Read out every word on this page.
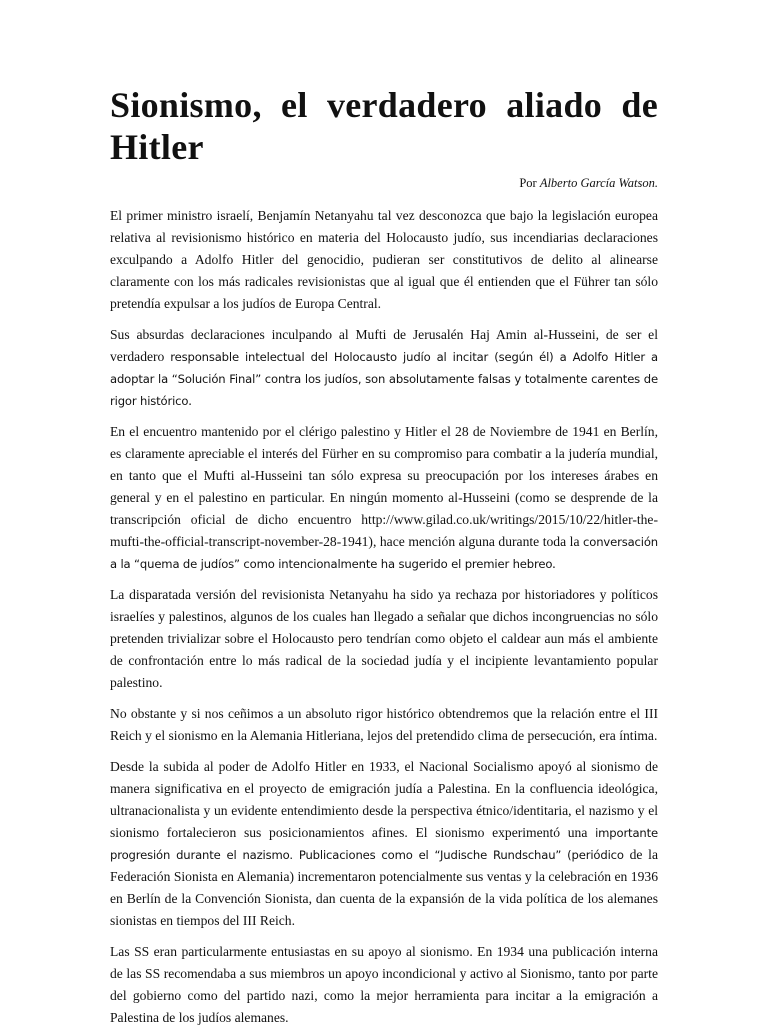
Sionismo, el verdadero aliado de Hitler
Por Alberto García Watson.

El primer ministro israelí, Benjamín Netanyahu tal vez desconozca que bajo la legislación europea relativa al revisionismo histórico en materia del Holocausto judío, sus incendiarias declaraciones exculpando a Adolfo Hitler del genocidio, pudieran ser constitutivos de delito al alinearse claramente con los más radicales revisionistas que al igual que él entienden que el Führer tan sólo pretendía expulsar a los judíos de Europa Central.

Sus absurdas declaraciones inculpando al Mufti de Jerusalén Haj Amin al-Husseini, de ser el verdadero responsable intelectual del Holocausto judío al incitar (según él) a Adolfo Hitler a adoptar la “Solución Final” contra los judíos, son absolutamente falsas y totalmente carentes de rigor histórico.

En el encuentro mantenido por el clérigo palestino y Hitler el 28 de Noviembre de 1941 en Berlín, es claramente apreciable el interés del Fürher en su compromiso para combatir a la judería mundial, en tanto que el Mufti al-Husseini tan sólo expresa su preocupación por los intereses árabes en general y en el palestino en particular. En ningún momento al-Husseini (como se desprende de la transcripción oficial de dicho encuentro http://www.gilad.co.uk/writings/2015/10/22/hitler-the-mufti-the-official-transcript-november-28-1941), hace mención alguna durante toda la conversación a la “quema de judíos” como intencionalmente ha sugerido el premier hebreo.

La disparatada versión del revisionista Netanyahu ha sido ya rechaza por historiadores y políticos israelíes y palestinos, algunos de los cuales han llegado a señalar que dichos incongruencias no sólo pretenden trivializar sobre el Holocausto pero tendrían como objeto el caldear aun más el ambiente de confrontación entre lo más radical de la sociedad judía y el incipiente levantamiento popular palestino.

No obstante y si nos ceñimos a un absoluto rigor histórico obtendremos que la relación entre el III Reich y el sionismo en la Alemania Hitleriana, lejos del pretendido clima de persecución, era íntima.

Desde la subida al poder de Adolfo Hitler en 1933, el Nacional Socialismo apoyó al sionismo de manera significativa en el proyecto de emigración judía a Palestina. En la confluencia ideológica, ultranacionalista y un evidente entendimiento desde la perspectiva étnico/identitaria, el nazismo y el sionismo fortalecieron sus posicionamientos afines. El sionismo experimentó una importante progresión durante el nazismo. Publicaciones como el “Judische Rundschau” (periódico de la Federación Sionista en Alemania) incrementaron potencialmente sus ventas y la celebración en 1936 en Berlín de la Convención Sionista, dan cuenta de la expansión de la vida política de los alemanes sionistas en tiempos del III Reich.

Las SS eran particularmente entusiastas en su apoyo al sionismo. En 1934 una publicación interna de las SS recomendaba a sus miembros un apoyo incondicional y activo al Sionismo, tanto por parte del gobierno como del partido nazi, como la mejor herramienta para incitar a la emigración a Palestina de los judíos alemanes.
